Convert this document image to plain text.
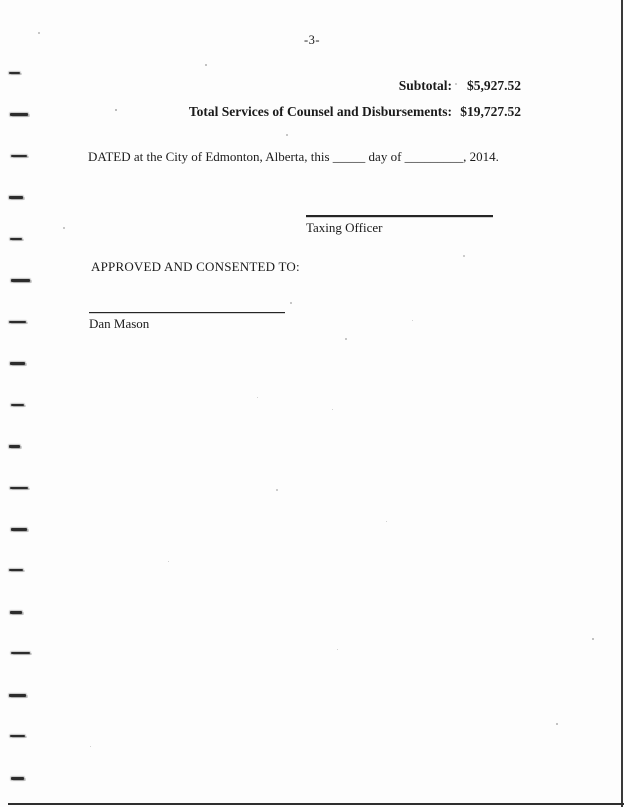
-3-
Subtotal: $5,927.52
Total Services of Counsel and Disbursements: $19,727.52
DATED at the City of Edmonton, Alberta, this _____ day of _________, 2014.
Taxing Officer
APPROVED AND CONSENTED TO:
Dan Mason
